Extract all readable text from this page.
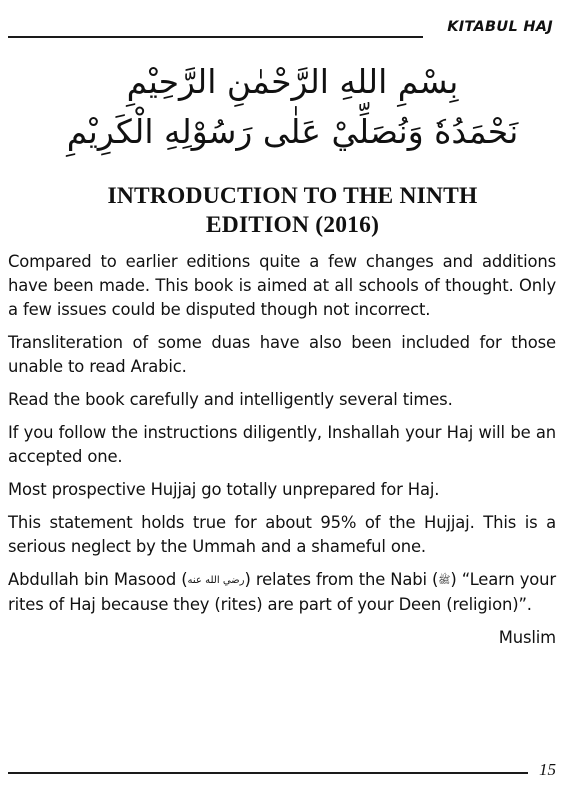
KITABUL HAJ
بِسْمِ اللهِ الرَّحْمٰنِ الرَّحِيْمِ
نَحْمَدُهٗ وَنُصَلِّيْ عَلٰى رَسُوْلِهِ الْكَرِيْمِ
INTRODUCTION TO THE NINTH
EDITION (2016)

Compared to earlier editions quite a few changes and additions have been made. This book is aimed at all schools of thought. Only a few issues could be disputed though not incorrect.

Transliteration of some duas have also been included for those unable to read Arabic.

Read the book carefully and intelligently several times.

If you follow the instructions diligently, Inshallah your Haj will be an accepted one.

Most prospective Hujjaj go totally unprepared for Haj.

This statement holds true for about 95% of the Hujjaj. This is a serious neglect by the Ummah and a shameful one.

Abdullah bin Masood (رضي الله عنه) relates from the Nabi (ﷺ) “Learn your rites of Haj because they (rites) are part of your Deen (religion)”.

Muslim

15
